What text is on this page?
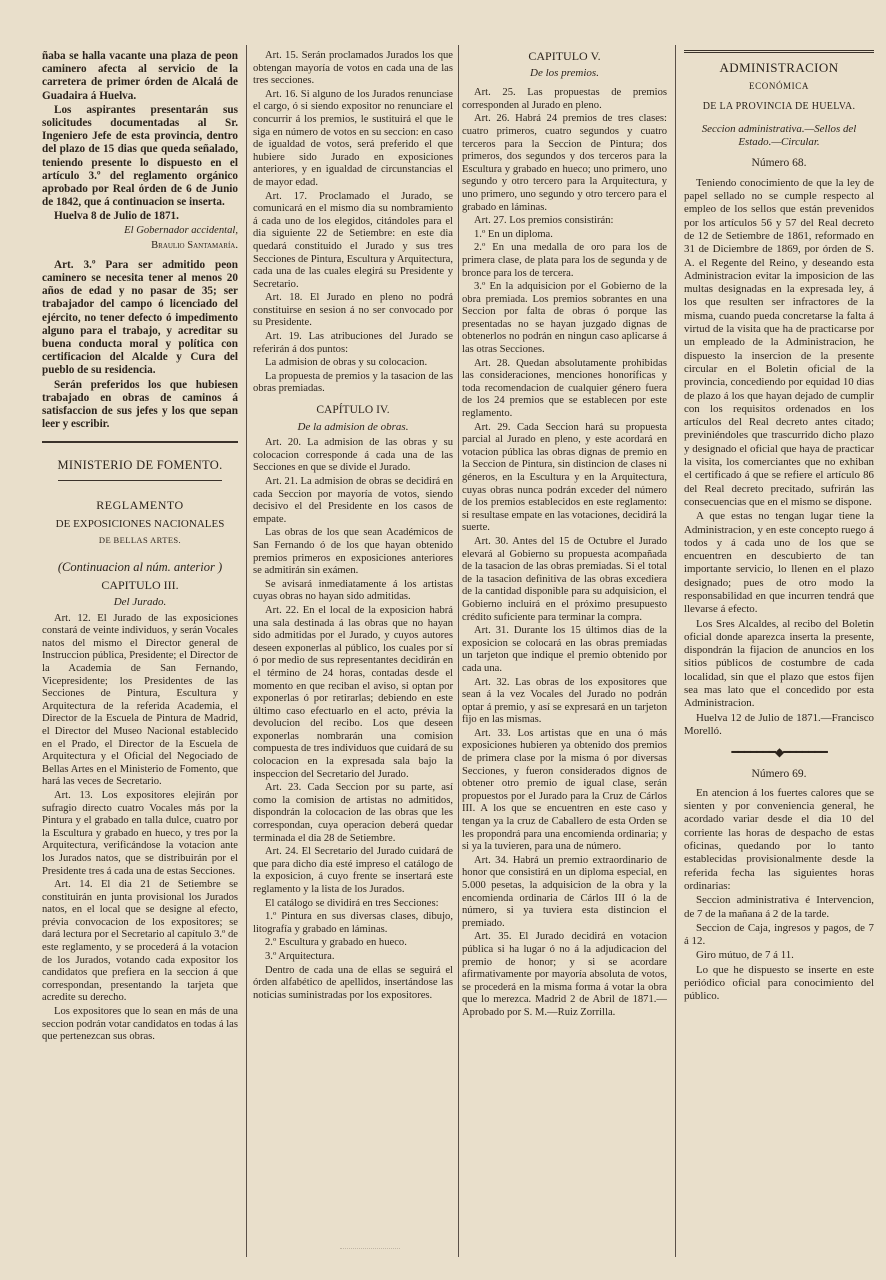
ñaba se halla vacante una plaza de peon caminero afecta al servicio de la carretera de primer órden de Alcalá de Guadaira á Huelva.

Los aspirantes presentarán sus solicitudes documentadas al Sr. Ingeniero Jefe de esta provincia, dentro del plazo de 15 dias que queda señalado, teniendo presente lo dispuesto en el artículo 3.º del reglamento orgánico aprobado por Real órden de 6 de Junio de 1842, que á continuacion se inserta.

Huelva 8 de Julio de 1871.

El Gobernador accidental,

Braulio Santamaría.

Art. 3.º Para ser admitido peon caminero se necesita tener al menos 20 años de edad y no pasar de 35; ser trabajador del campo ó licenciado del ejército, no tener defecto ó impedimento alguno para el trabajo, y acreditar su buena conducta moral y política con certificacion del Alcalde y Cura del pueblo de su residencia.

Serán preferidos los que hubiesen trabajado en obras de caminos á satisfaccion de sus jefes y los que sepan leer y escribir.

MINISTERIO DE FOMENTO.

REGLAMENTO

DE EXPOSICIONES NACIONALES

DE BELLAS ARTES.

(Continuacion al núm. anterior )

CAPITULO III.

Del Jurado.

Art. 12. El Jurado de las exposiciones constará de veinte individuos, y serán Vocales natos del mismo el Director general de Instruccion pública, Presidente; el Director de la Academia de San Fernando, Vicepresidente; los Presidentes de las Secciones de Pintura, Escultura y Arquitectura de la referida Academia, el Director de la Escuela de Pintura de Madrid, el Director del Museo Nacional establecido en el Prado, el Director de la Escuela de Arquitectura y el Oficial del Negociado de Bellas Artes en el Ministerio de Fomento, que hará las veces de Secretario.

Art. 13. Los expositores elejirán por sufragio directo cuatro Vocales más por la Pintura y el grabado en talla dulce, cuatro por la Escultura y grabado en hueco, y tres por la Arquitectura, verificándose la votacion ante los Jurados natos, que se distribuirán por el Presidente tres á cada una de estas Secciones.

Art. 14. El dia 21 de Setiembre se constituirán en junta provisional los Jurados natos, en el local que se designe al efecto, prévia convocacion de los expositores; se dará lectura por el Secretario al capítulo 3.º de este reglamento, y se procederá á la votacion de los Jurados, votando cada expositor los candidatos que prefiera en la seccion á que correspondan, presentando la tarjeta que acredite su derecho.

Los expositores que lo sean en más de una seccion podrán votar candidatos en todas á las que pertenezcan sus obras.

Art. 15. Serán proclamados Jurados los que obtengan mayoría de votos en cada una de las tres secciones.

Art. 16. Si alguno de los Jurados renunciase el cargo, ó si siendo expositor no renunciare el concurrir á los premios, le sustituirá el que le siga en número de votos en su seccion: en caso de igualdad de votos, será preferido el que hubiere sido Jurado en exposiciones anteriores, y en igualdad de circunstancias el de mayor edad.

Art. 17. Proclamado el Jurado, se comunicará en el mismo dia su nombramiento á cada uno de los elegidos, citándoles para el dia siguiente 22 de Setiembre: en este dia quedará constituido el Jurado y sus tres Secciones de Pintura, Escultura y Arquitectura, cada una de las cuales elegirá su Presidente y Secretario.

Art. 18. El Jurado en pleno no podrá constituirse en sesion á no ser convocado por su Presidente.

Art. 19. Las atribuciones del Jurado se referirán á dos puntos:

La admision de obras y su colocacion.

La propuesta de premios y la tasacion de las obras premiadas.

CAPÍTULO IV.

De la admision de obras.

Art. 20. La admision de las obras y su colocacion corresponde á cada una de las Secciones en que se divide el Jurado.

Art. 21. La admision de obras se decidirá en cada Seccion por mayoría de votos, siendo decisivo el del Presidente en los casos de empate.

Las obras de los que sean Académicos de San Fernando ó de los que hayan obtenido premios primeros en exposiciones anteriores se admitirán sin exámen.

Se avisará inmediatamente á los artistas cuyas obras no hayan sido admitidas.

Art. 22. En el local de la exposicion habrá una sala destinada á las obras que no hayan sido admitidas por el Jurado, y cuyos autores deseen exponerlas al público, los cuales por sí ó por medio de sus representantes decidirán en el término de 24 horas, contadas desde el momento en que reciban el aviso, si optan por exponerlas ó por retirarlas; debiendo en este último caso efectuarlo en el acto, prévia la devolucion del recibo. Los que deseen exponerlas nombrarán una comision compuesta de tres individuos que cuidará de su colocacion en la expresada sala bajo la inspeccion del Secretario del Jurado.

Art. 23. Cada Seccion por su parte, así como la comision de artistas no admitidos, dispondrán la colocacion de las obras que les correspondan, cuya operacion deberá quedar terminada el dia 28 de Setiembre.

Art. 24. El Secretario del Jurado cuidará de que para dicho dia esté impreso el catálogo de la exposicion, á cuyo frente se insertará este reglamento y la lista de los Jurados.

El catálogo se dividirá en tres Secciones:

1.º Pintura en sus diversas clases, dibujo, litografía y grabado en láminas.

2.º Escultura y grabado en hueco.

3.º Arquitectura.

Dentro de cada una de ellas se seguirá el órden alfabético de apellidos, insertándose las noticias suministradas por los expositores.

CAPITULO V.

De los premios.

Art. 25. Las propuestas de premios corresponden al Jurado en pleno.

Art. 26. Habrá 24 premios de tres clases: cuatro primeros, cuatro segundos y cuatro terceros para la Seccion de Pintura; dos primeros, dos segundos y dos terceros para la Escultura y grabado en hueco; uno primero, uno segundo y otro tercero para la Arquitectura, y uno primero, uno segundo y otro tercero para el grabado en láminas.

Art. 27. Los premios consistirán:

1.º En un diploma.

2.º En una medalla de oro para los de primera clase, de plata para los de segunda y de bronce para los de tercera.

3.º En la adquisicion por el Gobierno de la obra premiada. Los premios sobrantes en una Seccion por falta de obras ó porque las presentadas no se hayan juzgado dignas de obtenerlos no podrán en ningun caso aplicarse á las otras Secciones.

Art. 28. Quedan absolutamente prohibidas las consideraciones, menciones honoríficas y toda recomendacion de cualquier género fuera de los 24 premios que se establecen por este reglamento.

Art. 29. Cada Seccion hará su propuesta parcial al Jurado en pleno, y este acordará en votacion pública las obras dignas de premio en la Seccion de Pintura, sin distincion de clases ni géneros, en la Escultura y en la Arquitectura, cuyas obras nunca podrán exceder del número de los premios establecidos en este reglamento: si resultase empate en las votaciones, decidirá la suerte.

Art. 30. Antes del 15 de Octubre el Jurado elevará al Gobierno su propuesta acompañada de la tasacion de las obras premiadas. Si el total de la tasacion definitiva de las obras excediera de la cantidad disponible para su adquisicion, el Gobierno incluirá en el próximo presupuesto crédito suficiente para terminar la compra.

Art. 31. Durante los 15 últimos dias de la exposicion se colocará en las obras premiadas un tarjeton que indique el premio obtenido por cada una.

Art. 32. Las obras de los expositores que sean á la vez Vocales del Jurado no podrán optar á premio, y así se expresará en un tarjeton fijo en las mismas.

Art. 33. Los artistas que en una ó más exposiciones hubieren ya obtenido dos premios de primera clase por la misma ó por diversas Secciones, y fueron considerados dignos de obtener otro premio de igual clase, serán propuestos por el Jurado para la Cruz de Cárlos III. A los que se encuentren en este caso y tengan ya la cruz de Caballero de esta Orden se les propondrá para una encomienda ordinaria; y si ya la tuvieren, para una de número.

Art. 34. Habrá un premio extraordinario de honor que consistirá en un diploma especial, en 5.000 pesetas, la adquisicion de la obra y la encomienda ordinaria de Cárlos III ó la de número, si ya tuviera esta distincion el premiado.

Art. 35. El Jurado decidirá en votacion pública si ha lugar ó no á la adjudicacion del premio de honor; y si se acordare afirmativamente por mayoría absoluta de votos, se procederá en la misma forma á votar la obra que lo merezca. Madrid 2 de Abril de 1871.—Aprobado por S. M.—Ruiz Zorrilla.

ADMINISTRACION

ECONÓMICA

DE LA PROVINCIA DE HUELVA.

Seccion administrativa.—Sellos del Estado.—Circular.

Número 68.

Teniendo conocimiento de que la ley de papel sellado no se cumple respecto al empleo de los sellos que están prevenidos por los artículos 56 y 57 del Real decreto de 12 de Setiembre de 1861, reformado en 31 de Diciembre de 1869, por órden de S. A. el Regente del Reino, y deseando esta Administracion evitar la imposicion de las multas designadas en la expresada ley, á los que resulten ser infractores de la misma, cuando pueda concretarse la falta á virtud de la visita que ha de practicarse por un empleado de la Administracion, he dispuesto la insercion de la presente circular en el Boletin oficial de la provincia, concediendo por equidad 10 dias de plazo á los que hayan dejado de cumplir con los requisitos ordenados en los artículos del Real decreto antes citado; previniéndoles que trascurrido dicho plazo y designado el oficial que haya de practicar la visita, los comerciantes que no exhiban el certificado á que se refiere el artículo 86 del Real decreto precitado, sufrirán las consecuencias que en el mismo se dispone.

A que estas no tengan lugar tiene la Administracion, y en este concepto ruego á todos y á cada uno de los que se encuentren en descubierto de tan importante servicio, lo llenen en el plazo designado; pues de otro modo la responsabilidad en que incurren tendrá que llevarse á efecto.

Los Sres Alcaldes, al recibo del Boletin oficial donde aparezca inserta la presente, dispondrán la fijacion de anuncios en los sitios públicos de costumbre de cada localidad, sin que el plazo que estos fijen sea mas lato que el concedido por esta Administracion.

Huelva 12 de Julio de 1871.—Francisco Morelló.

━━━━━━━◆━━━━━━━

Número 69.

En atencion á los fuertes calores que se sienten y por conveniencia general, he acordado variar desde el dia 10 del corriente las horas de despacho de estas oficinas, quedando por lo tanto establecidas provisionalmente desde la referida fecha las siguientes horas ordinarias:

Seccion administrativa é Intervencion, de 7 de la mañana á 2 de la tarde.

Seccion de Caja, ingresos y pagos, de 7 á 12.

Giro mútuo, de 7 á 11.

Lo que he dispuesto se inserte en este periódico oficial para conocimiento del público.
